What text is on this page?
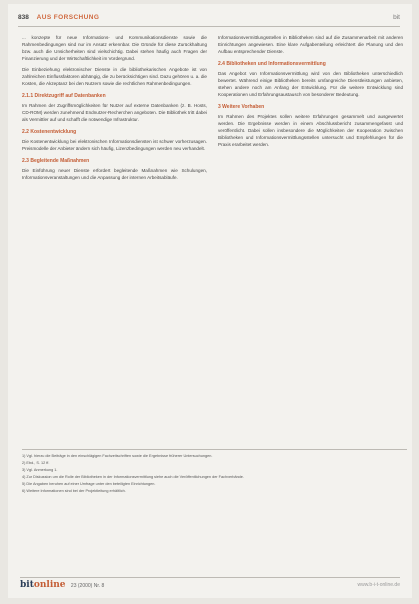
838 AUS FORSCHUNG	bit

... konzepte für neue Informations- und Kommunikationsdienste sowie die Rahmenbedingungen sind nur im Ansatz erkennbar. Die Gründe für diese Zurückhaltung bzw. auch die Unsicherheiten sind vielschichtig. Dabei stehen häufig auch Fragen der Finanzierung und der Wirtschaftlichkeit im Vordergrund.

Die Einbeziehung elektronischer Dienste in die bibliothekarischen Angebote ist von zahlreichen Einflussfaktoren abhängig, die zu berücksichtigen sind. Dazu gehören u. a. die Kosten, die Akzeptanz bei den Nutzern sowie die rechtlichen Rahmenbedingungen.

2.1.1 Direktzugriff auf Datenbanken

Im Rahmen der Zugriffsmöglichkeiten für Nutzer auf externe Datenbanken (z. B. Hosts, CD-ROM) werden zunehmend Endnutzer-Recherchen angeboten. Die Bibliothek tritt dabei als Vermittler auf und schafft die notwendige Infrastruktur.

2.2 Kostenentwicklung

Die Kostenentwicklung bei elektronischen Informationsdiensten ist schwer vorherzusagen. Preismodelle der Anbieter ändern sich häufig, Lizenzbedingungen werden neu verhandelt.

2.3 Begleitende Maßnahmen

Die Einführung neuer Dienste erfordert begleitende Maßnahmen wie Schulungen, Informationsveranstaltungen und die Anpassung der internen Arbeitsabläufe.

Informationsvermittlungsstellen in Bibliotheken sind auf die Zusammenarbeit mit anderen Einrichtungen angewiesen. Eine klare Aufgabenteilung erleichtert die Planung und den Aufbau entsprechender Dienste.

2.4 Bibliotheken und Informationsvermittlung

Das Angebot von Informationsvermittlung wird von den Bibliotheken unterschiedlich bewertet. Während einige Bibliotheken bereits umfangreiche Dienstleistungen anbieten, stehen andere noch am Anfang der Entwicklung. Für die weitere Entwicklung sind Kooperationen und Erfahrungsaustausch von besonderer Bedeutung.

3 Weitere Vorhaben

Im Rahmen des Projektes sollen weitere Erfahrungen gesammelt und ausgewertet werden. Die Ergebnisse werden in einem Abschlussbericht zusammengefasst und veröffentlicht. Dabei sollen insbesondere die Möglichkeiten der Kooperation zwischen Bibliotheken und Informationsvermittlungsstellen untersucht und Empfehlungen für die Praxis erarbeitet werden.

1) Vgl. hierzu die Beiträge in den einschlägigen Fachzeitschriften sowie die Ergebnisse früherer Untersuchungen.

2) Ebd., S. 12 ff.

3) Vgl. Anmerkung 1.

4) Zur Diskussion um die Rolle der Bibliotheken in der Informationsvermittlung siehe auch die Veröffentlichungen der Fachverbände.

5) Die Angaben beruhen auf einer Umfrage unter den beteiligten Einrichtungen.

6) Weitere Informationen sind bei der Projektleitung erhältlich.

bitonline 23 (2000) Nr. 8	www.b-i-t-online.de
